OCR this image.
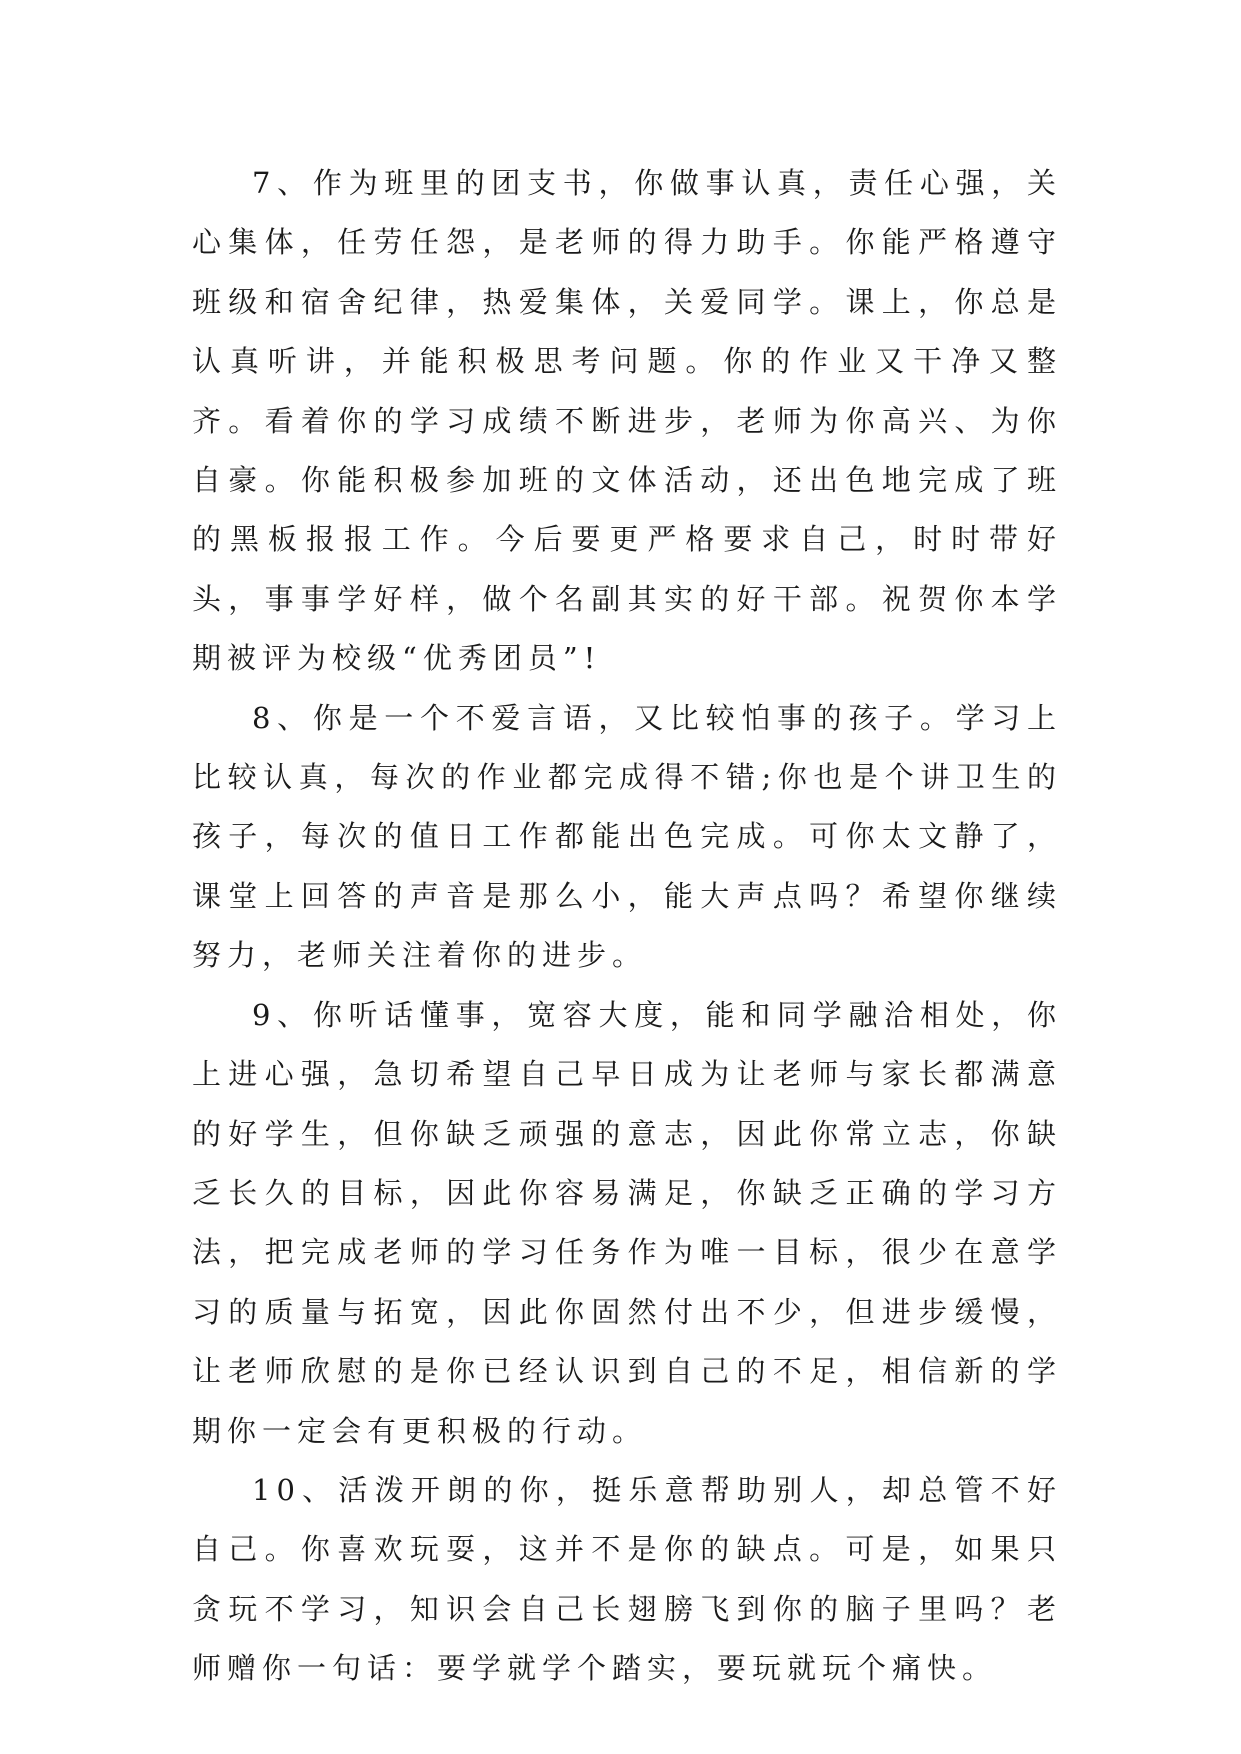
7、作为班里的团支书，你做事认真，责任心强，关心集体，任劳任怨，是老师的得力助手。你能严格遵守班级和宿舍纪律，热爱集体，关爱同学。课上，你总是认真听讲，并能积极思考问题。你的作业又干净又整齐。看着你的学习成绩不断进步，老师为你高兴、为你自豪。你能积极参加班的文体活动，还出色地完成了班的黑板报报工作。今后要更严格要求自己，时时带好头，事事学好样，做个名副其实的好干部。祝贺你本学期被评为校级“优秀团员”!

8、你是一个不爱言语，又比较怕事的孩子。学习上比较认真，每次的作业都完成得不错;你也是个讲卫生的孩子，每次的值日工作都能出色完成。可你太文静了，课堂上回答的声音是那么小，能大声点吗？希望你继续努力，老师关注着你的进步。

9、你听话懂事，宽容大度，能和同学融洽相处，你上进心强，急切希望自己早日成为让老师与家长都满意的好学生，但你缺乏顽强的意志，因此你常立志，你缺乏长久的目标，因此你容易满足，你缺乏正确的学习方法，把完成老师的学习任务作为唯一目标，很少在意学习的质量与拓宽，因此你固然付出不少，但进步缓慢，让老师欣慰的是你已经认识到自己的不足，相信新的学期你一定会有更积极的行动。

10、活泼开朗的你，挺乐意帮助别人，却总管不好自己。你喜欢玩耍，这并不是你的缺点。可是，如果只贪玩不学习，知识会自己长翅膀飞到你的脑子里吗？老师赠你一句话：要学就学个踏实，要玩就玩个痛快。
